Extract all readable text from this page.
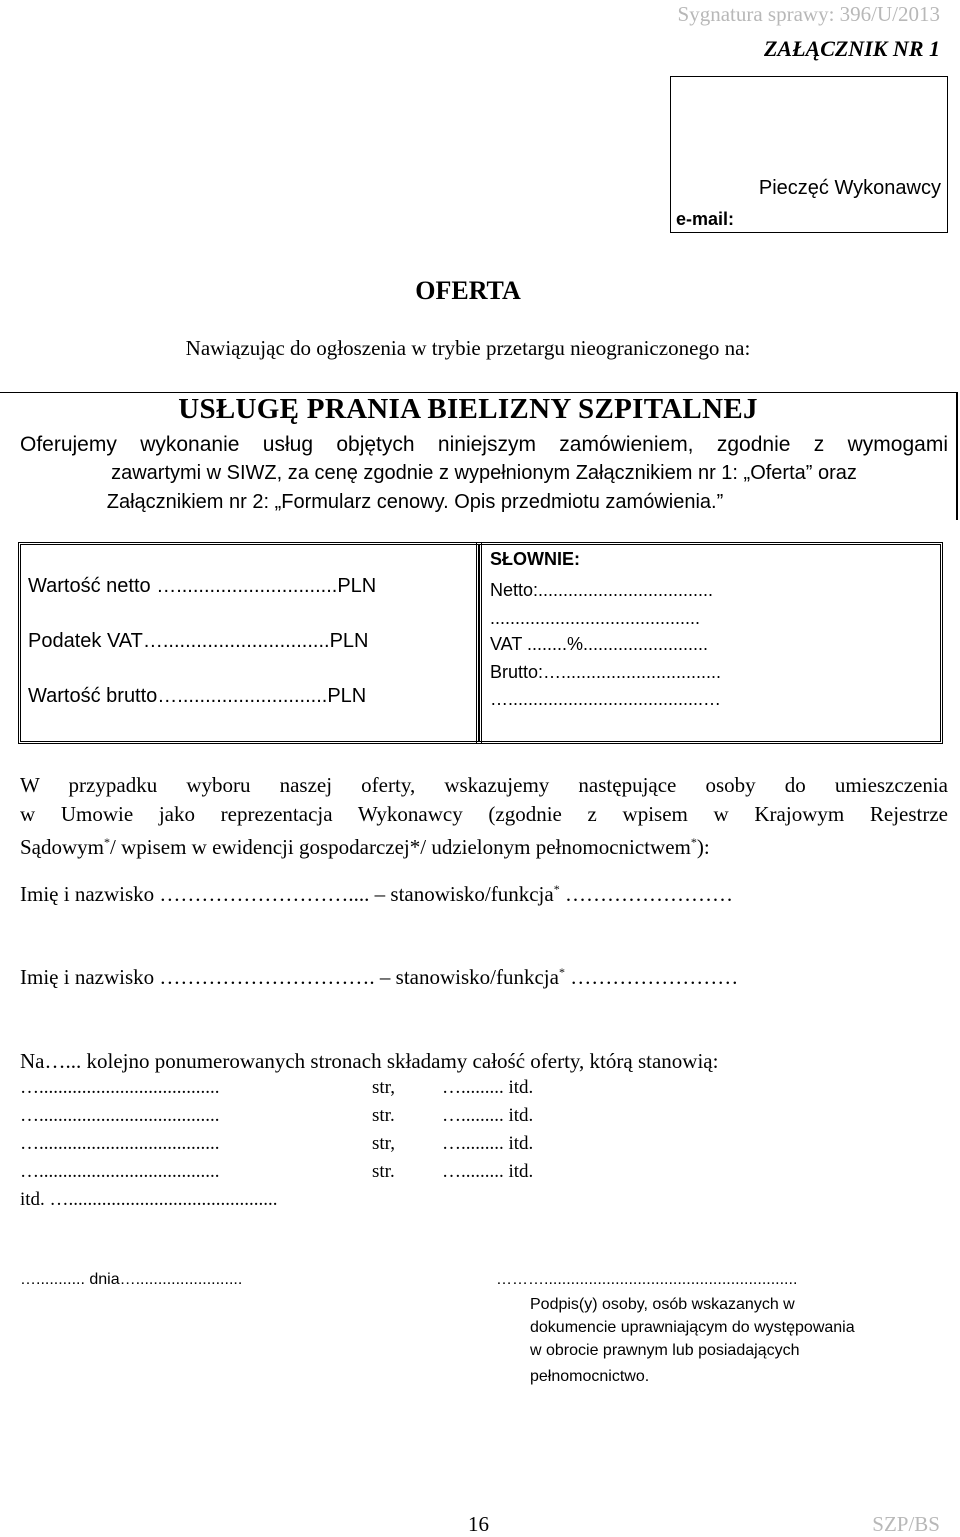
Sygnatura sprawy: 396/U/2013
ZAŁĄCZNIK NR 1
Pieczęć Wykonawcy
e-mail:
OFERTA
Nawiązując do ogłoszenia w trybie przetargu nieograniczonego na:
USŁUGĘ PRANIA BIELIZNY SZPITALNEJ
Oferujemy wykonanie usług objętych niniejszym zamówieniem, zgodnie z wymogami
zawartymi w SIWZ, za cenę zgodnie z wypełnionym Załącznikiem nr 1: „Oferta” oraz
Załącznikiem nr 2: „Formularz cenowy. Opis przedmiotu zamówienia.”
Wartość netto ….............................PLN
Podatek VAT…..............................PLN
Wartość brutto…...........................PLN
SŁOWNIE:
Netto:...................................
..........................................
VAT ........%.........................
Brutto:…................................
….......................................…
W przypadku wyboru naszej oferty, wskazujemy następujące osoby do umieszczenia
w Umowie jako reprezentacja Wykonawcy (zgodnie z wpisem w Krajowym Rejestrze
Sądowym*/ wpisem w ewidencji gospodarczej*/ udzielonym pełnomocnictwem*):
Imię i nazwisko ……………………….... – stanowisko/funkcja* ……………………
Imię i nazwisko …………………………. – stanowisko/funkcja* ……………………
Na…... kolejno ponumerowanych stronach składamy całość oferty, którą stanowią:
…......................................	str, …......... itd.
…......................................	str. …......... itd.
…......................................	str, …......... itd.
…......................................	str. …......... itd.
itd. …............................................
…........... dnia…........................	……….........................................................
Podpis(y) osoby, osób wskazanych w
dokumencie uprawniającym do występowania
w obrocie prawnym lub posiadających
pełnomocnictwo.
16	SZP/BS
